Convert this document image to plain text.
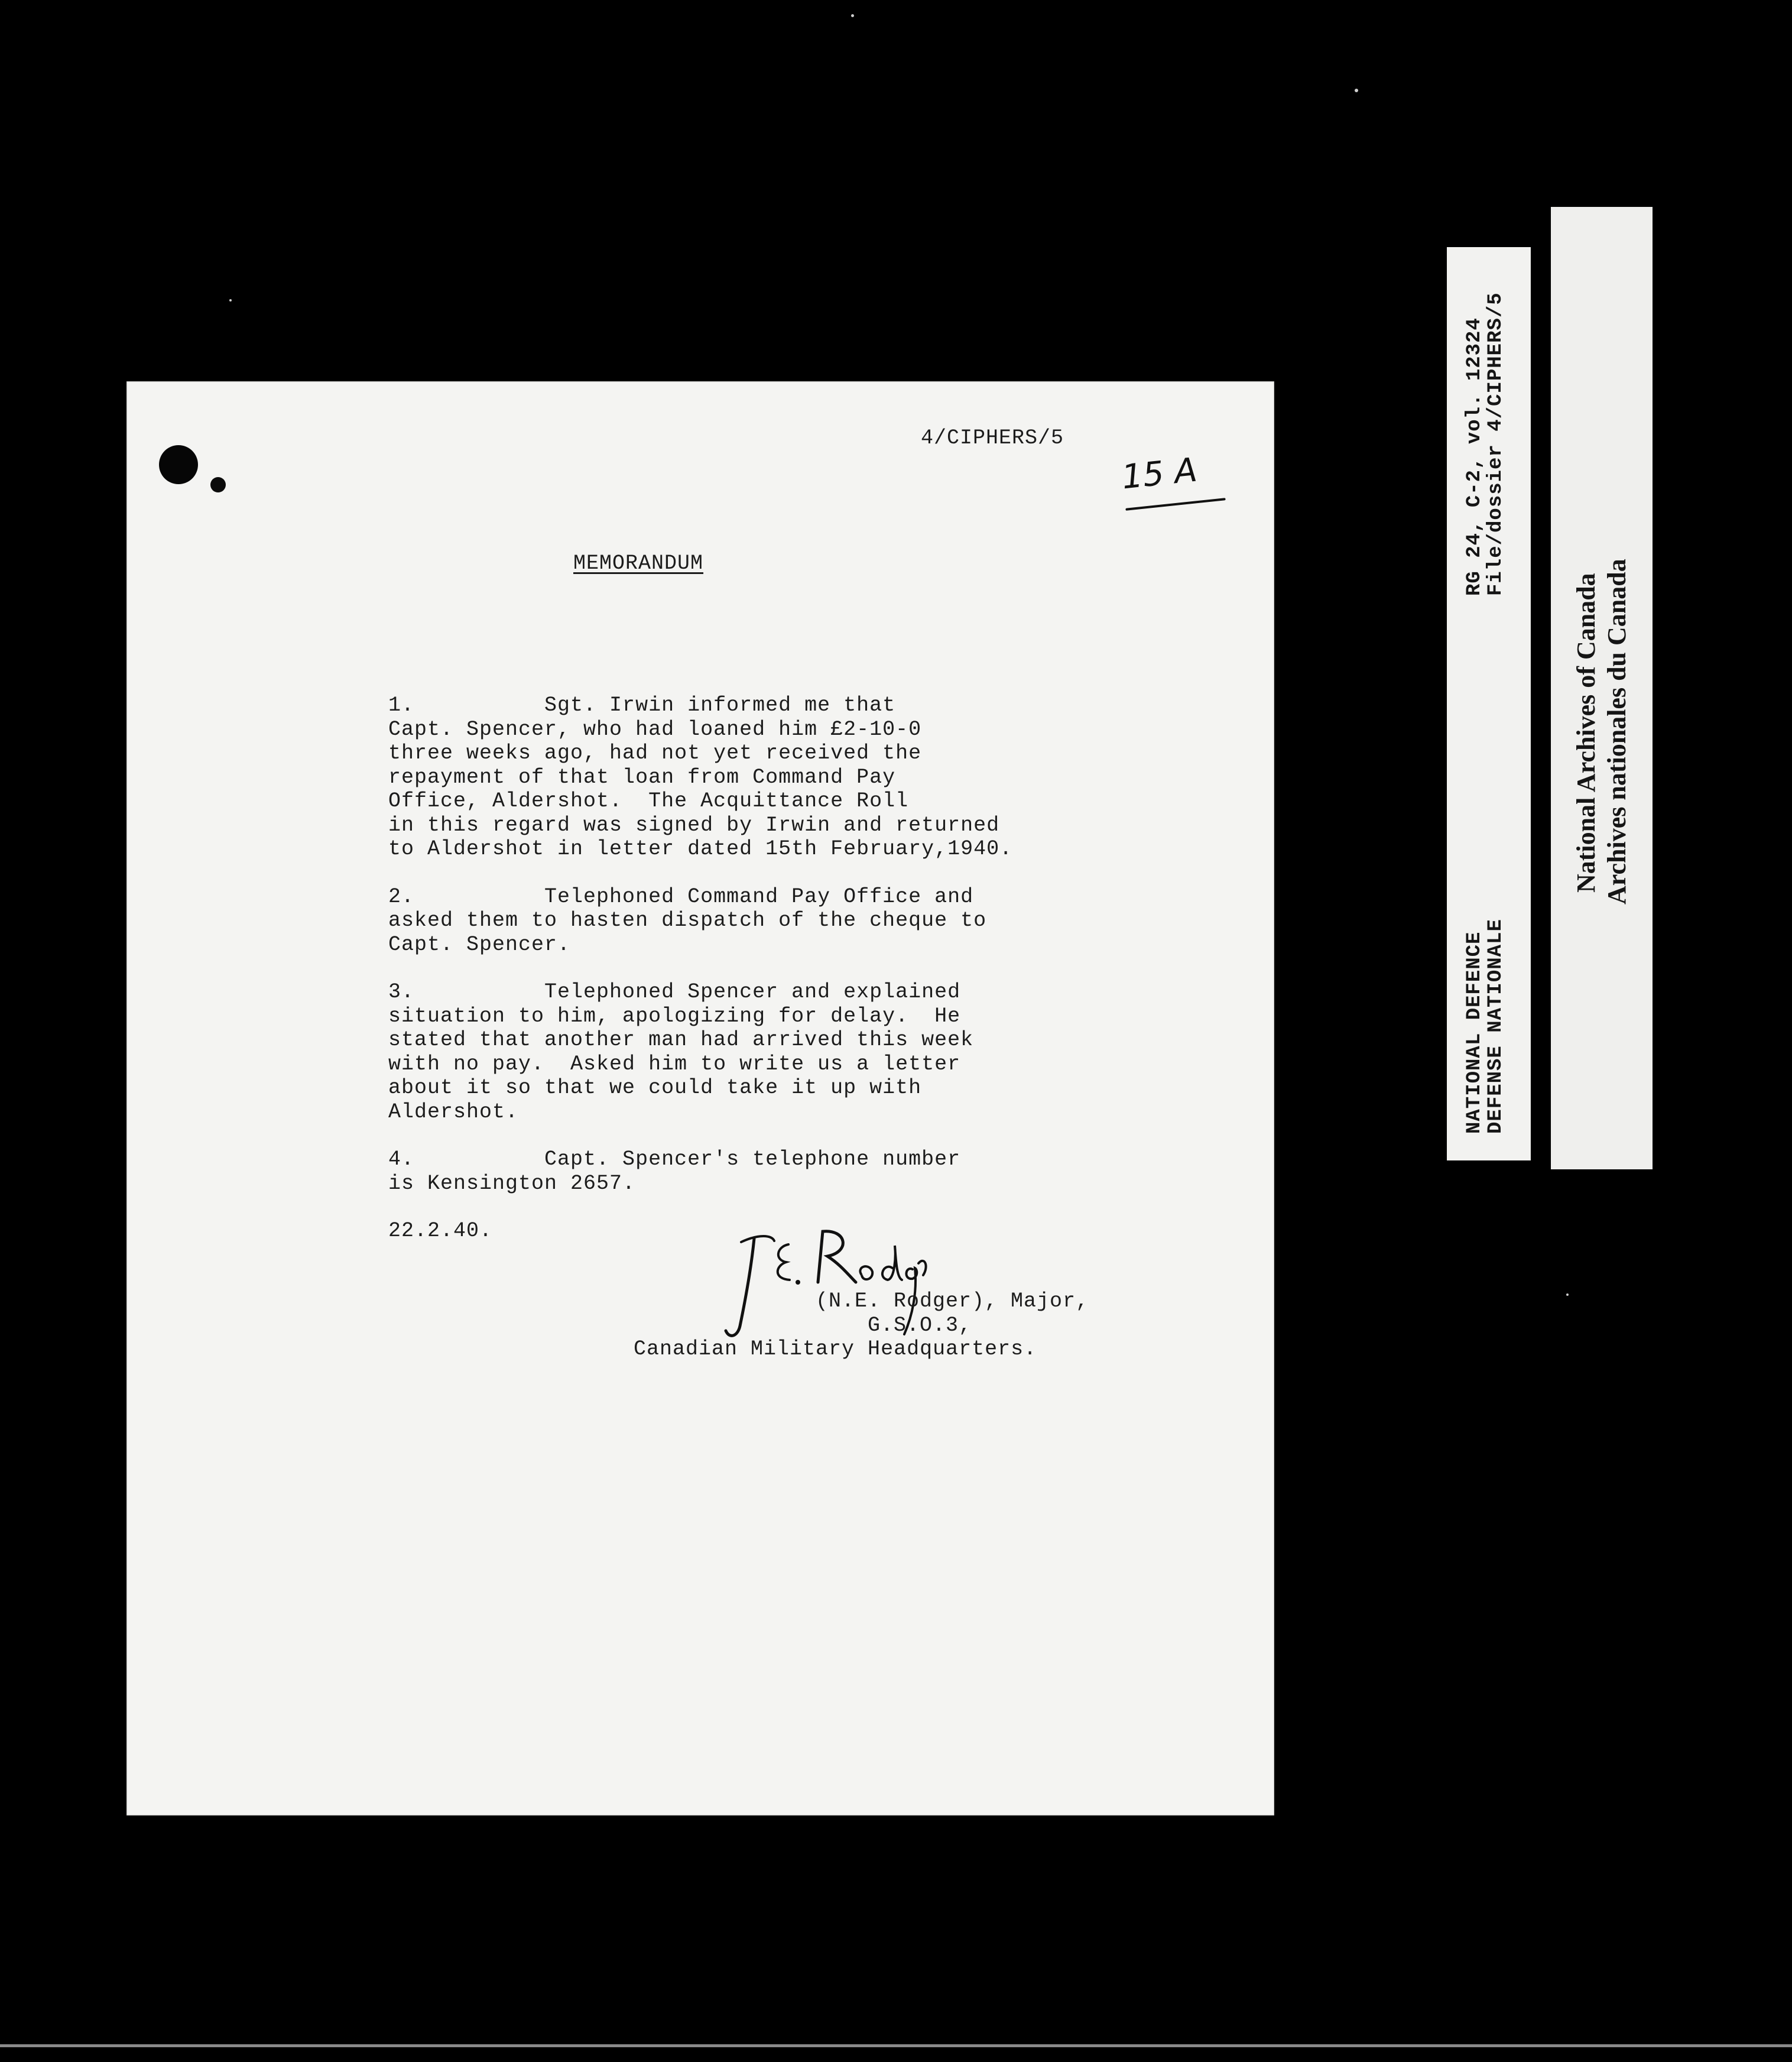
4/CIPHERS/5

15 A
MEMORANDUM
1.          Sgt. Irwin informed me that
Capt. Spencer, who had loaned him £2-10-0
three weeks ago, had not yet received the
repayment of that loan from Command Pay
Office, Aldershot.  The Acquittance Roll
in this regard was signed by Irwin and returned
to Aldershot in letter dated 15th February,1940.
2.          Telephoned Command Pay Office and
asked them to hasten dispatch of the cheque to
Capt. Spencer.
3.          Telephoned Spencer and explained
situation to him, apologizing for delay.  He
stated that another man had arrived this week
with no pay.  Asked him to write us a letter
about it so that we could take it up with
Aldershot.
4.          Capt. Spencer's telephone number
is Kensington 2657.

22.2.40.

(N.E. Rodger), Major,

G.S.O.3,

Canadian Military Headquarters.

RG 24, C-2, vol. 12324
File/dossier 4/CIPHERS/5
NATIONAL DEFENCE
DEFENSE NATIONALE
National Archives of Canada Archives nationales du Canada
